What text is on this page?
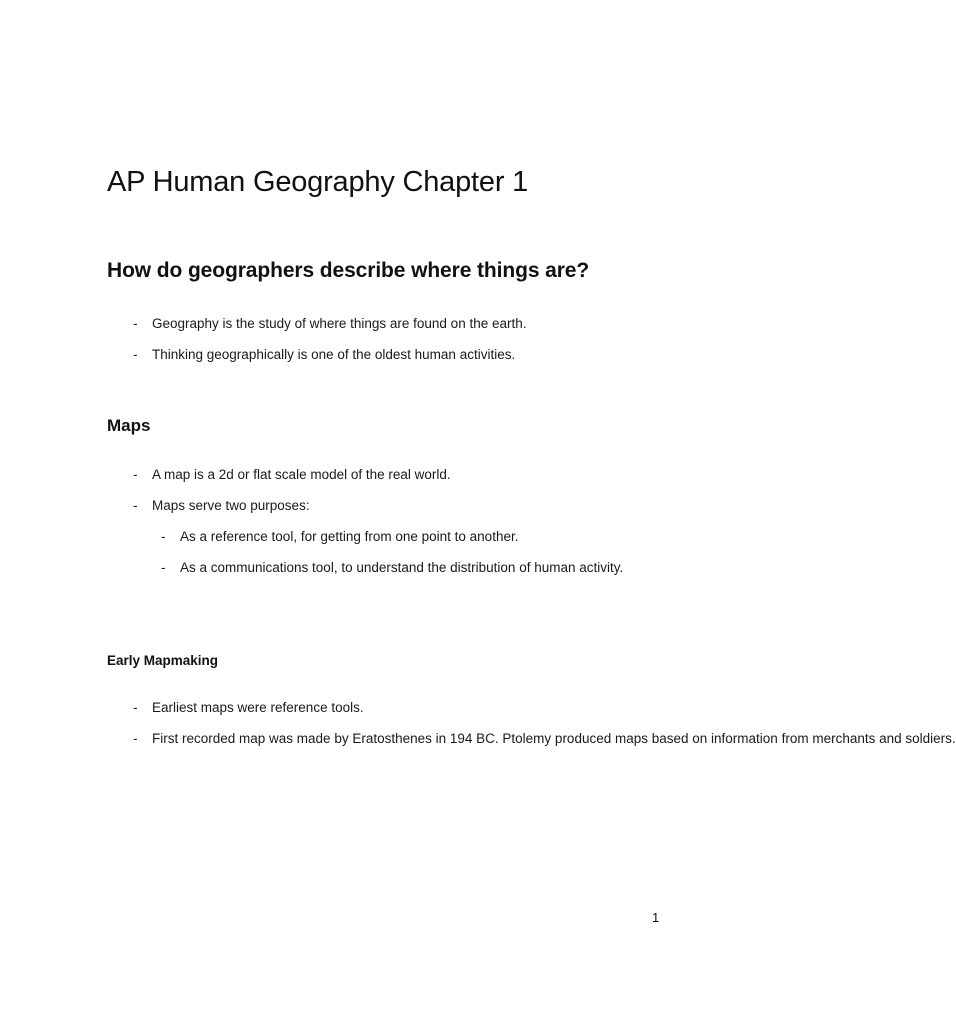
AP Human Geography Chapter 1
How do geographers describe where things are?
- Geography is the study of where things are found on the earth.
- Thinking geographically is one of the oldest human activities.
Maps
- A map is a 2d or flat scale model of the real world.
- Maps serve two purposes:
- As a reference tool, for getting from one point to another.
- As a communications tool, to understand the distribution of human activity.
Early Mapmaking
- Earliest maps were reference tools.
- First recorded map was made by Eratosthenes in 194 BC. Ptolemy produced maps based on information from merchants and soldiers.
1
